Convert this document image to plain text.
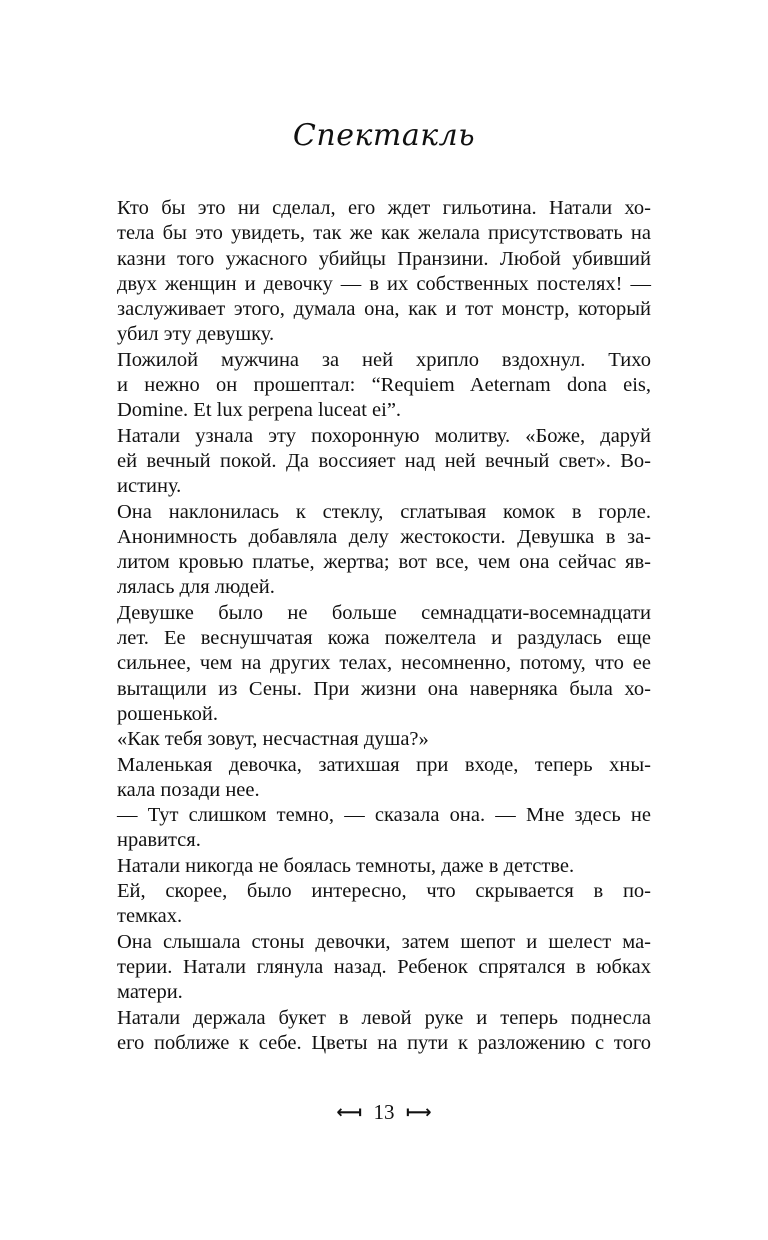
Спектакль

Кто бы это ни сделал, его ждет гильотина. Натали хо-
тела бы это увидеть, так же как желала присутствовать на
казни того ужасного убийцы Пранзини. Любой убивший
двух женщин и девочку — в их собственных постелях! —
заслуживает этого, думала она, как и тот монстр, который
убил эту девушку.

Пожилой мужчина за ней хрипло вздохнул. Тихо
и нежно он прошептал: “Requiem Aeternam dona eis,
Domine. Et lux perpena luceat ei”.

Натали узнала эту похоронную молитву. «Боже, даруй
ей вечный покой. Да воссияет над ней вечный свет». Во-
истину.

Она наклонилась к стеклу, сглатывая комок в горле.
Анонимность добавляла делу жестокости. Девушка в за-
литом кровью платье, жертва; вот все, чем она сейчас яв-
лялась для людей.

Девушке было не больше семнадцати-восемнадцати
лет. Ее веснушчатая кожа пожелтела и раздулась еще
сильнее, чем на других телах, несомненно, потому, что ее
вытащили из Сены. При жизни она наверняка была хо-
рошенькой.

«Как тебя зовут, несчастная душа?»

Маленькая девочка, затихшая при входе, теперь хны-
кала позади нее.

— Тут слишком темно, — сказала она. — Мне здесь не
нравится.

Натали никогда не боялась темноты, даже в детстве.

Ей, скорее, было интересно, что скрывается в по-
темках.

Она слышала стоны девочки, затем шепот и шелест ма-
терии. Натали глянула назад. Ребенок спрятался в юбках
матери.

Натали держала букет в левой руке и теперь поднесла
его поближе к себе. Цветы на пути к разложению с того

⟻ 13 ⟼
